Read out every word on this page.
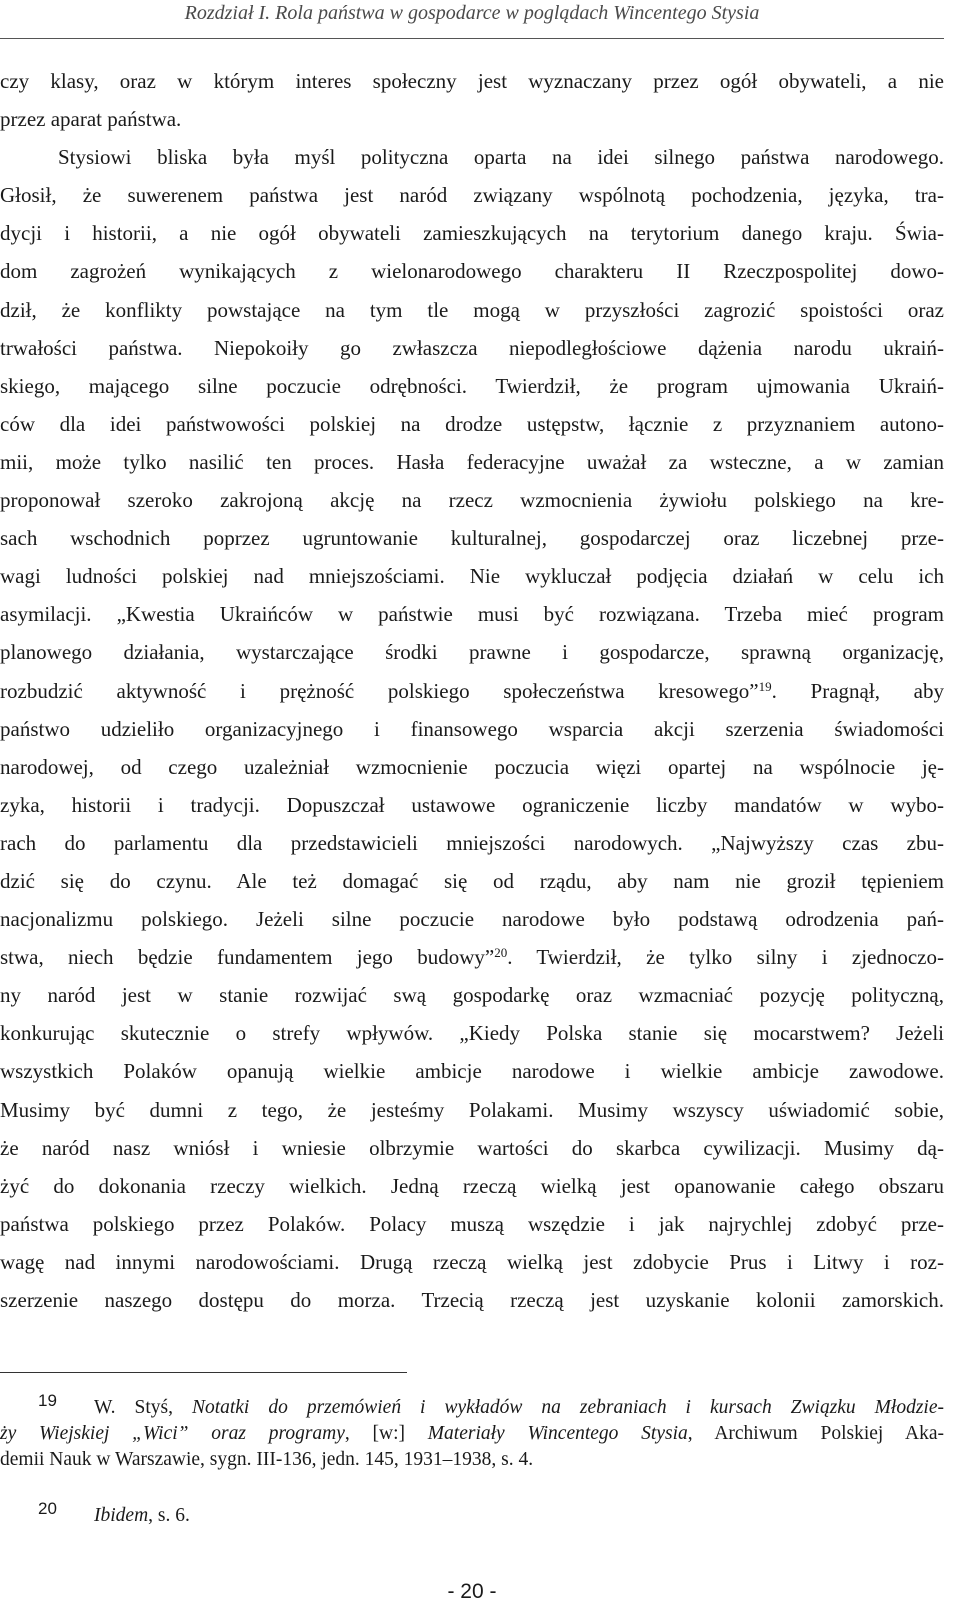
Rozdział I. Rola państwa w gospodarce w poglądach Wincentego Stysia
czy klasy, oraz w którym interes społeczny jest wyznaczany przez ogół obywateli, a nie
przez aparat państwa.
Stysiowi bliska była myśl polityczna oparta na idei silnego państwa narodowego.
Głosił, że suwerenem państwa jest naród związany wspólnotą pochodzenia, języka, tra-
dycji i historii, a nie ogół obywateli zamieszkujących na terytorium danego kraju. Świa-
dom zagrożeń wynikających z wielonarodowego charakteru II Rzeczpospolitej dowo-
dził, że konflikty powstające na tym tle mogą w przyszłości zagrozić spoistości oraz
trwałości państwa. Niepokoiły go zwłaszcza niepodległościowe dążenia narodu ukraiń-
skiego, mającego silne poczucie odrębności. Twierdził, że program ujmowania Ukraiń-
ców dla idei państwowości polskiej na drodze ustępstw, łącznie z przyznaniem autono-
mii, może tylko nasilić ten proces. Hasła federacyjne uważał za wsteczne, a w zamian
proponował szeroko zakrojoną akcję na rzecz wzmocnienia żywiołu polskiego na kre-
sach wschodnich poprzez ugruntowanie kulturalnej, gospodarczej oraz liczebnej prze-
wagi ludności polskiej nad mniejszościami. Nie wykluczał podjęcia działań w celu ich
asymilacji. „Kwestia Ukraińców w państwie musi być rozwiązana. Trzeba mieć program
planowego działania, wystarczające środki prawne i gospodarcze, sprawną organizację,
rozbudzić aktywność i prężność polskiego społeczeństwa kresowego”$^{19}$. Pragnął, aby
państwo udzieliło organizacyjnego i finansowego wsparcia akcji szerzenia świadomości
narodowej, od czego uzależniał wzmocnienie poczucia więzi opartej na wspólnocie ję-
zyka, historii i tradycji. Dopuszczał ustawowe ograniczenie liczby mandatów w wybo-
rach do parlamentu dla przedstawicieli mniejszości narodowych. „Najwyższy czas zbu-
dzić się do czynu. Ale też domagać się od rządu, aby nam nie groził tępieniem
nacjonalizmu polskiego. Jeżeli silne poczucie narodowe było podstawą odrodzenia pań-
stwa, niech będzie fundamentem jego budowy”$^{20}$. Twierdził, że tylko silny i zjednoczo-
ny naród jest w stanie rozwijać swą gospodarkę oraz wzmacniać pozycję polityczną,
konkurując skutecznie o strefy wpływów. „Kiedy Polska stanie się mocarstwem? Jeżeli
wszystkich Polaków opanują wielkie ambicje narodowe i wielkie ambicje zawodowe.
Musimy być dumni z tego, że jesteśmy Polakami. Musimy wszyscy uświadomić sobie,
że naród nasz wniósł i wniesie olbrzymie wartości do skarbca cywilizacji. Musimy dą-
żyć do dokonania rzeczy wielkich. Jedną rzeczą wielką jest opanowanie całego obszaru
państwa polskiego przez Polaków. Polacy muszą wszędzie i jak najrychlej zdobyć prze-
wagę nad innymi narodowościami. Drugą rzeczą wielką jest zdobycie Prus i Litwy i roz-
szerzenie naszego dostępu do morza. Trzecią rzeczą jest uzyskanie kolonii zamorskich.
19	W. Styś, Notatki do przemówień i wykładów na zebraniach i kursach Związku Młodzie-
ży Wiejskiej „Wici” oraz programy, [w:] Materiały Wincentego Stysia, Archiwum Polskiej Aka-
demii Nauk w Warszawie, sygn. III-136, jedn. 145, 1931–1938, s. 4.
20	Ibidem, s. 6.
- 20 -
